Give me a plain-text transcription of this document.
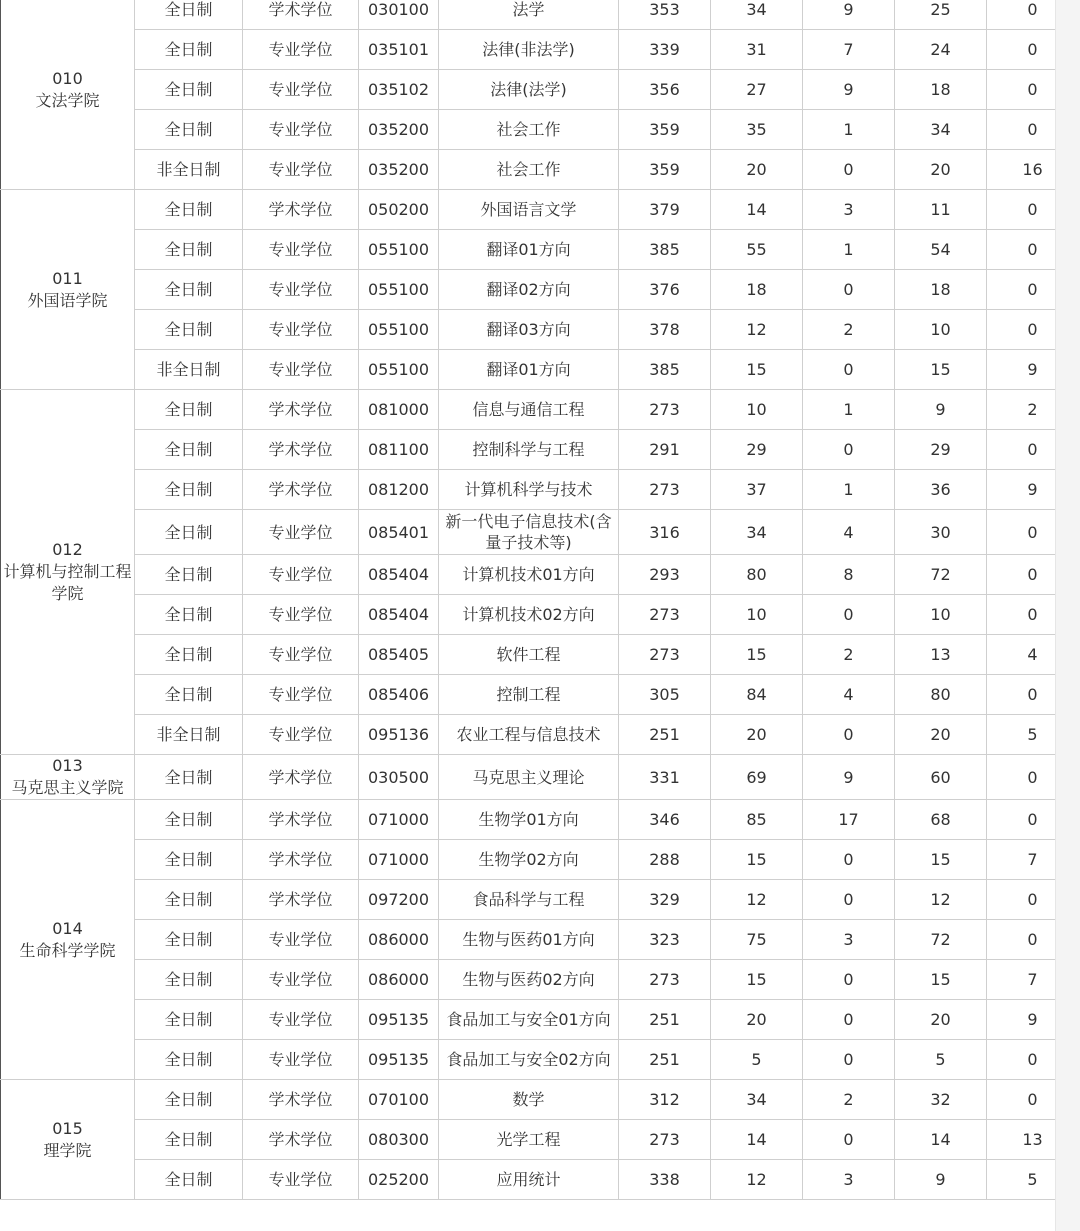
010
文法学院	全日制	学术学位	030100	法学	353	34	9	25	0
	全日制	专业学位	035101	法律(非法学)	339	31	7	24	0
	全日制	专业学位	035102	法律(法学)	356	27	9	18	0
	全日制	专业学位	035200	社会工作	359	35	1	34	0
	非全日制	专业学位	035200	社会工作	359	20	0	20	16

011
外国语学院	全日制	学术学位	050200	外国语言文学	379	14	3	11	0
	全日制	专业学位	055100	翻译01方向	385	55	1	54	0
	全日制	专业学位	055100	翻译02方向	376	18	0	18	0
	全日制	专业学位	055100	翻译03方向	378	12	2	10	0
	非全日制	专业学位	055100	翻译01方向	385	15	0	15	9

012
计算机与控制工程学院	全日制	学术学位	081000	信息与通信工程	273	10	1	9	2
	全日制	学术学位	081100	控制科学与工程	291	29	0	29	0
	全日制	学术学位	081200	计算机科学与技术	273	37	1	36	9
	全日制	专业学位	085401	新一代电子信息技术(含量子技术等)	316	34	4	30	0
	全日制	专业学位	085404	计算机技术01方向	293	80	8	72	0
	全日制	专业学位	085404	计算机技术02方向	273	10	0	10	0
	全日制	专业学位	085405	软件工程	273	15	2	13	4
	全日制	专业学位	085406	控制工程	305	84	4	80	0
	非全日制	专业学位	095136	农业工程与信息技术	251	20	0	20	5

013
马克思主义学院	全日制	学术学位	030500	马克思主义理论	331	69	9	60	0

014
生命科学学院	全日制	学术学位	071000	生物学01方向	346	85	17	68	0
	全日制	学术学位	071000	生物学02方向	288	15	0	15	7
	全日制	学术学位	097200	食品科学与工程	329	12	0	12	0
	全日制	专业学位	086000	生物与医药01方向	323	75	3	72	0
	全日制	专业学位	086000	生物与医药02方向	273	15	0	15	7
	全日制	专业学位	095135	食品加工与安全01方向	251	20	0	20	9
	全日制	专业学位	095135	食品加工与安全02方向	251	5	0	5	0

015
理学院	全日制	学术学位	070100	数学	312	34	2	32	0
	全日制	学术学位	080300	光学工程	273	14	0	14	13
	全日制	专业学位	025200	应用统计	338	12	3	9	5
